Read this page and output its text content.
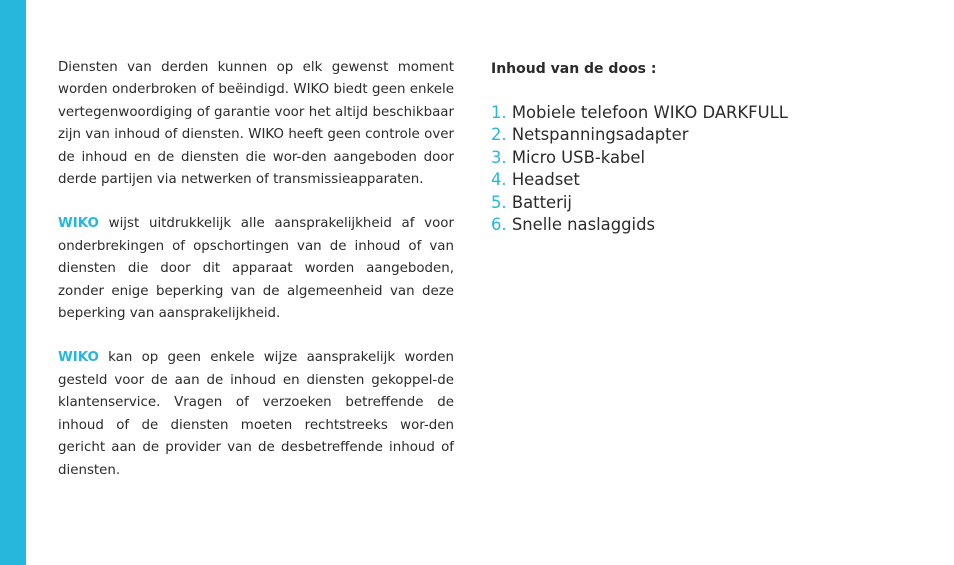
Diensten van derden kunnen op elk gewenst moment worden onderbroken of beëindigd. WIKO biedt geen enkele vertegenwoordiging of garantie voor het altijd beschikbaar zijn van inhoud of diensten. WIKO heeft geen controle over de inhoud en de diensten die wor-den aangeboden door derde partijen via netwerken of transmissieapparaten.

WIKO wijst uitdrukkelijk alle aansprakelijkheid af voor onderbrekingen of opschortingen van de inhoud of van diensten die door dit apparaat worden aangeboden, zonder enige beperking van de algemeenheid van deze beperking van aansprakelijkheid.

WIKO kan op geen enkele wijze aansprakelijk worden gesteld voor de aan de inhoud en diensten gekoppel-de klantenservice. Vragen of verzoeken betreffende de inhoud of de diensten moeten rechtstreeks wor-den gericht aan de provider van de desbetreffende inhoud of diensten.

Inhoud van de doos :
1. Mobiele telefoon WIKO DARKFULL
2. Netspanningsadapter
3. Micro USB-kabel
4. Headset
5. Batterij
6. Snelle naslaggids
